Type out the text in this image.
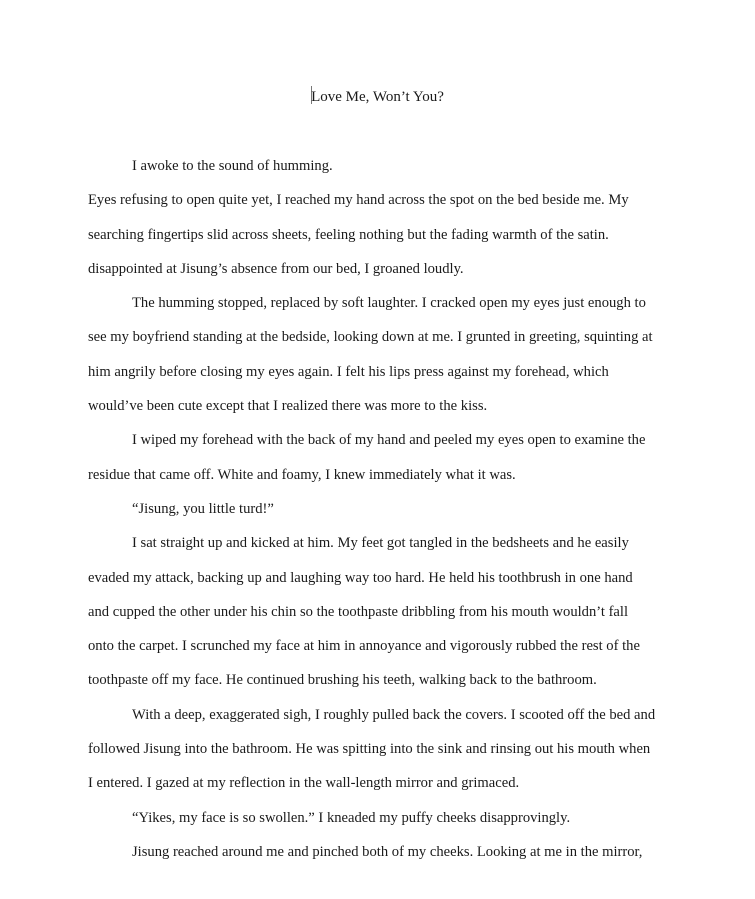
Love Me, Won’t You?
I awoke to the sound of humming.
Eyes refusing to open quite yet, I reached my hand across the spot on the bed beside me. My
searching fingertips slid across sheets, feeling nothing but the fading warmth of the satin.
disappointed at Jisung’s absence from our bed, I groaned loudly.
The humming stopped, replaced by soft laughter. I cracked open my eyes just enough to
see my boyfriend standing at the bedside, looking down at me. I grunted in greeting, squinting at
him angrily before closing my eyes again. I felt his lips press against my forehead, which
would’ve been cute except that I realized there was more to the kiss.
I wiped my forehead with the back of my hand and peeled my eyes open to examine the
residue that came off. White and foamy, I knew immediately what it was.
“Jisung, you little turd!”
I sat straight up and kicked at him. My feet got tangled in the bedsheets and he easily
evaded my attack, backing up and laughing way too hard. He held his toothbrush in one hand
and cupped the other under his chin so the toothpaste dribbling from his mouth wouldn’t fall
onto the carpet. I scrunched my face at him in annoyance and vigorously rubbed the rest of the
toothpaste off my face. He continued brushing his teeth, walking back to the bathroom.
With a deep, exaggerated sigh, I roughly pulled back the covers. I scooted off the bed and
followed Jisung into the bathroom. He was spitting into the sink and rinsing out his mouth when
I entered. I gazed at my reflection in the wall-length mirror and grimaced.
“Yikes, my face is so swollen.” I kneaded my puffy cheeks disapprovingly.
Jisung reached around me and pinched both of my cheeks. Looking at me in the mirror,
